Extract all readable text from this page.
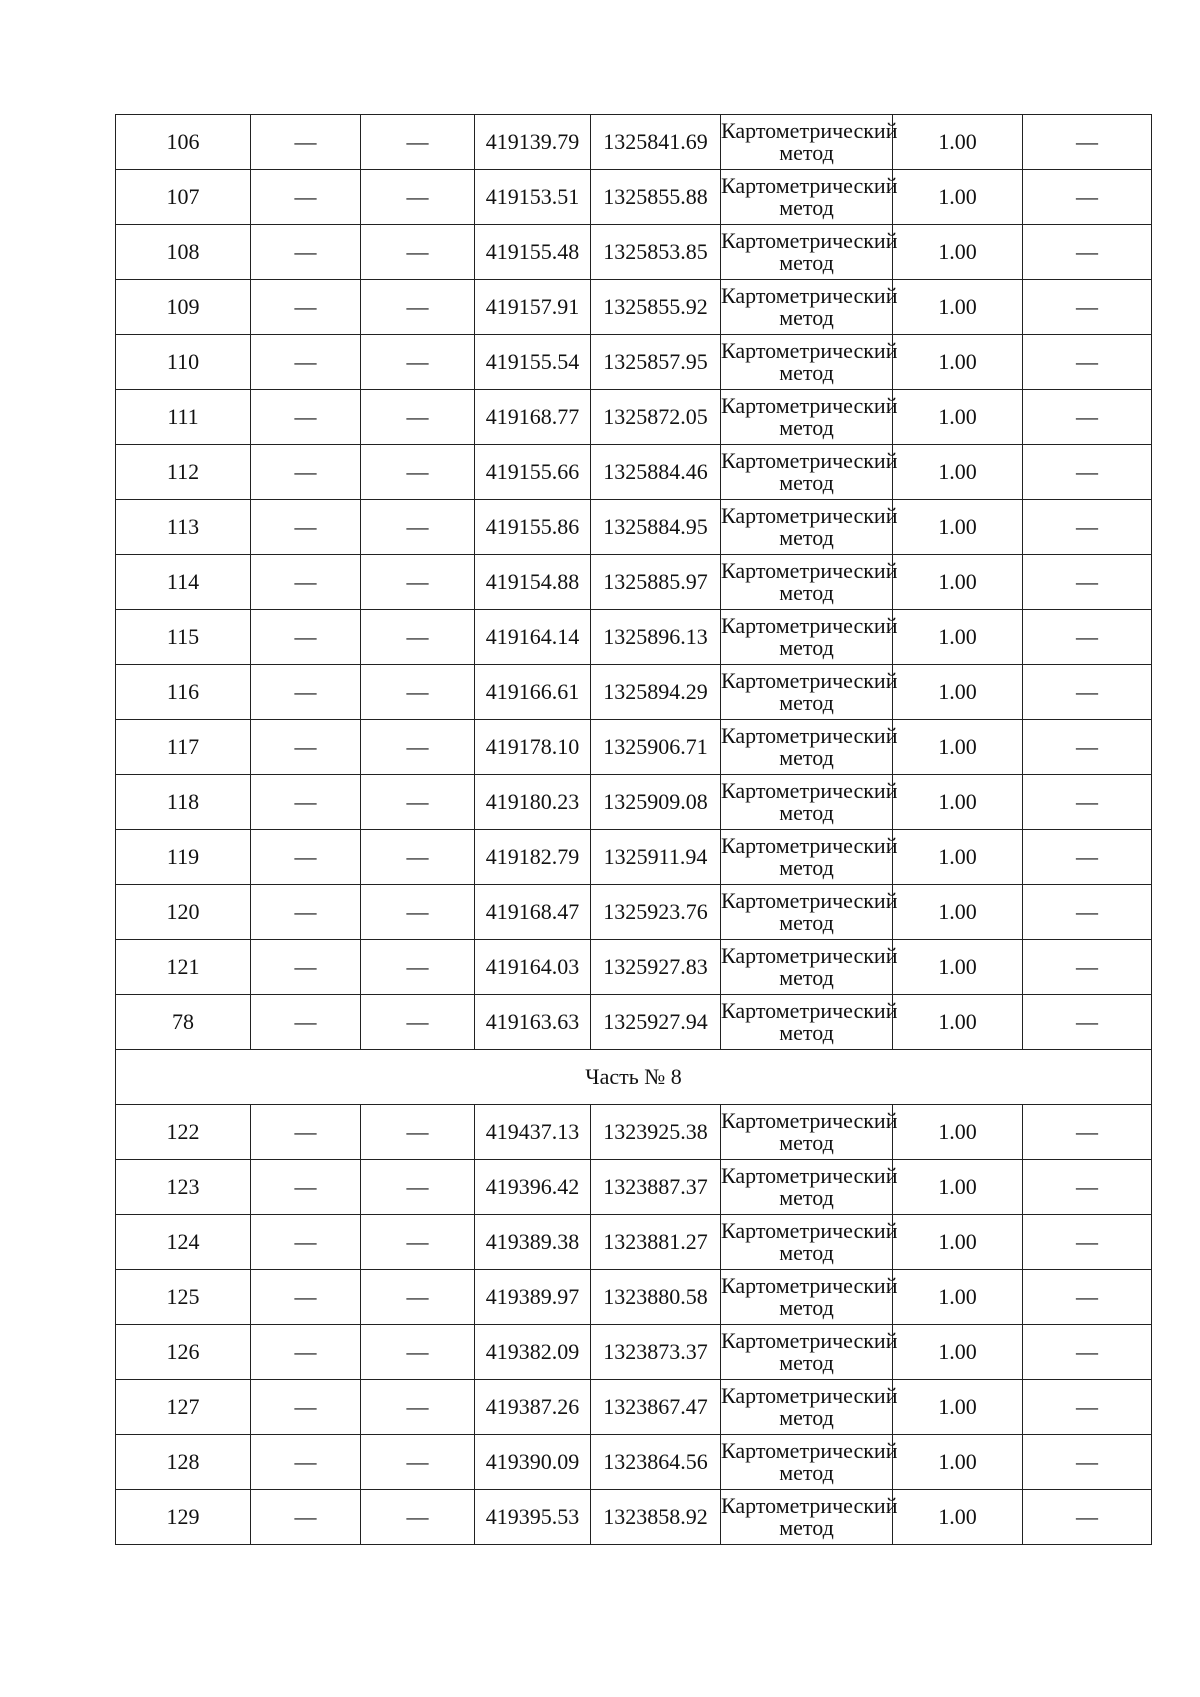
106	—	—	419139.79	1325841.69	Картометрический метод	1.00	—
107	—	—	419153.51	1325855.88	Картометрический метод	1.00	—
108	—	—	419155.48	1325853.85	Картометрический метод	1.00	—
109	—	—	419157.91	1325855.92	Картометрический метод	1.00	—
110	—	—	419155.54	1325857.95	Картометрический метод	1.00	—
111	—	—	419168.77	1325872.05	Картометрический метод	1.00	—
112	—	—	419155.66	1325884.46	Картометрический метод	1.00	—
113	—	—	419155.86	1325884.95	Картометрический метод	1.00	—
114	—	—	419154.88	1325885.97	Картометрический метод	1.00	—
115	—	—	419164.14	1325896.13	Картометрический метод	1.00	—
116	—	—	419166.61	1325894.29	Картометрический метод	1.00	—
117	—	—	419178.10	1325906.71	Картометрический метод	1.00	—
118	—	—	419180.23	1325909.08	Картометрический метод	1.00	—
119	—	—	419182.79	1325911.94	Картометрический метод	1.00	—
120	—	—	419168.47	1325923.76	Картометрический метод	1.00	—
121	—	—	419164.03	1325927.83	Картометрический метод	1.00	—
78	—	—	419163.63	1325927.94	Картометрический метод	1.00	—
Часть № 8							
122	—	—	419437.13	1323925.38	Картометрический метод	1.00	—
123	—	—	419396.42	1323887.37	Картометрический метод	1.00	—
124	—	—	419389.38	1323881.27	Картометрический метод	1.00	—
125	—	—	419389.97	1323880.58	Картометрический метод	1.00	—
126	—	—	419382.09	1323873.37	Картометрический метод	1.00	—
127	—	—	419387.26	1323867.47	Картометрический метод	1.00	—
128	—	—	419390.09	1323864.56	Картометрический метод	1.00	—
129	—	—	419395.53	1323858.92	Картометрический метод	1.00	—
